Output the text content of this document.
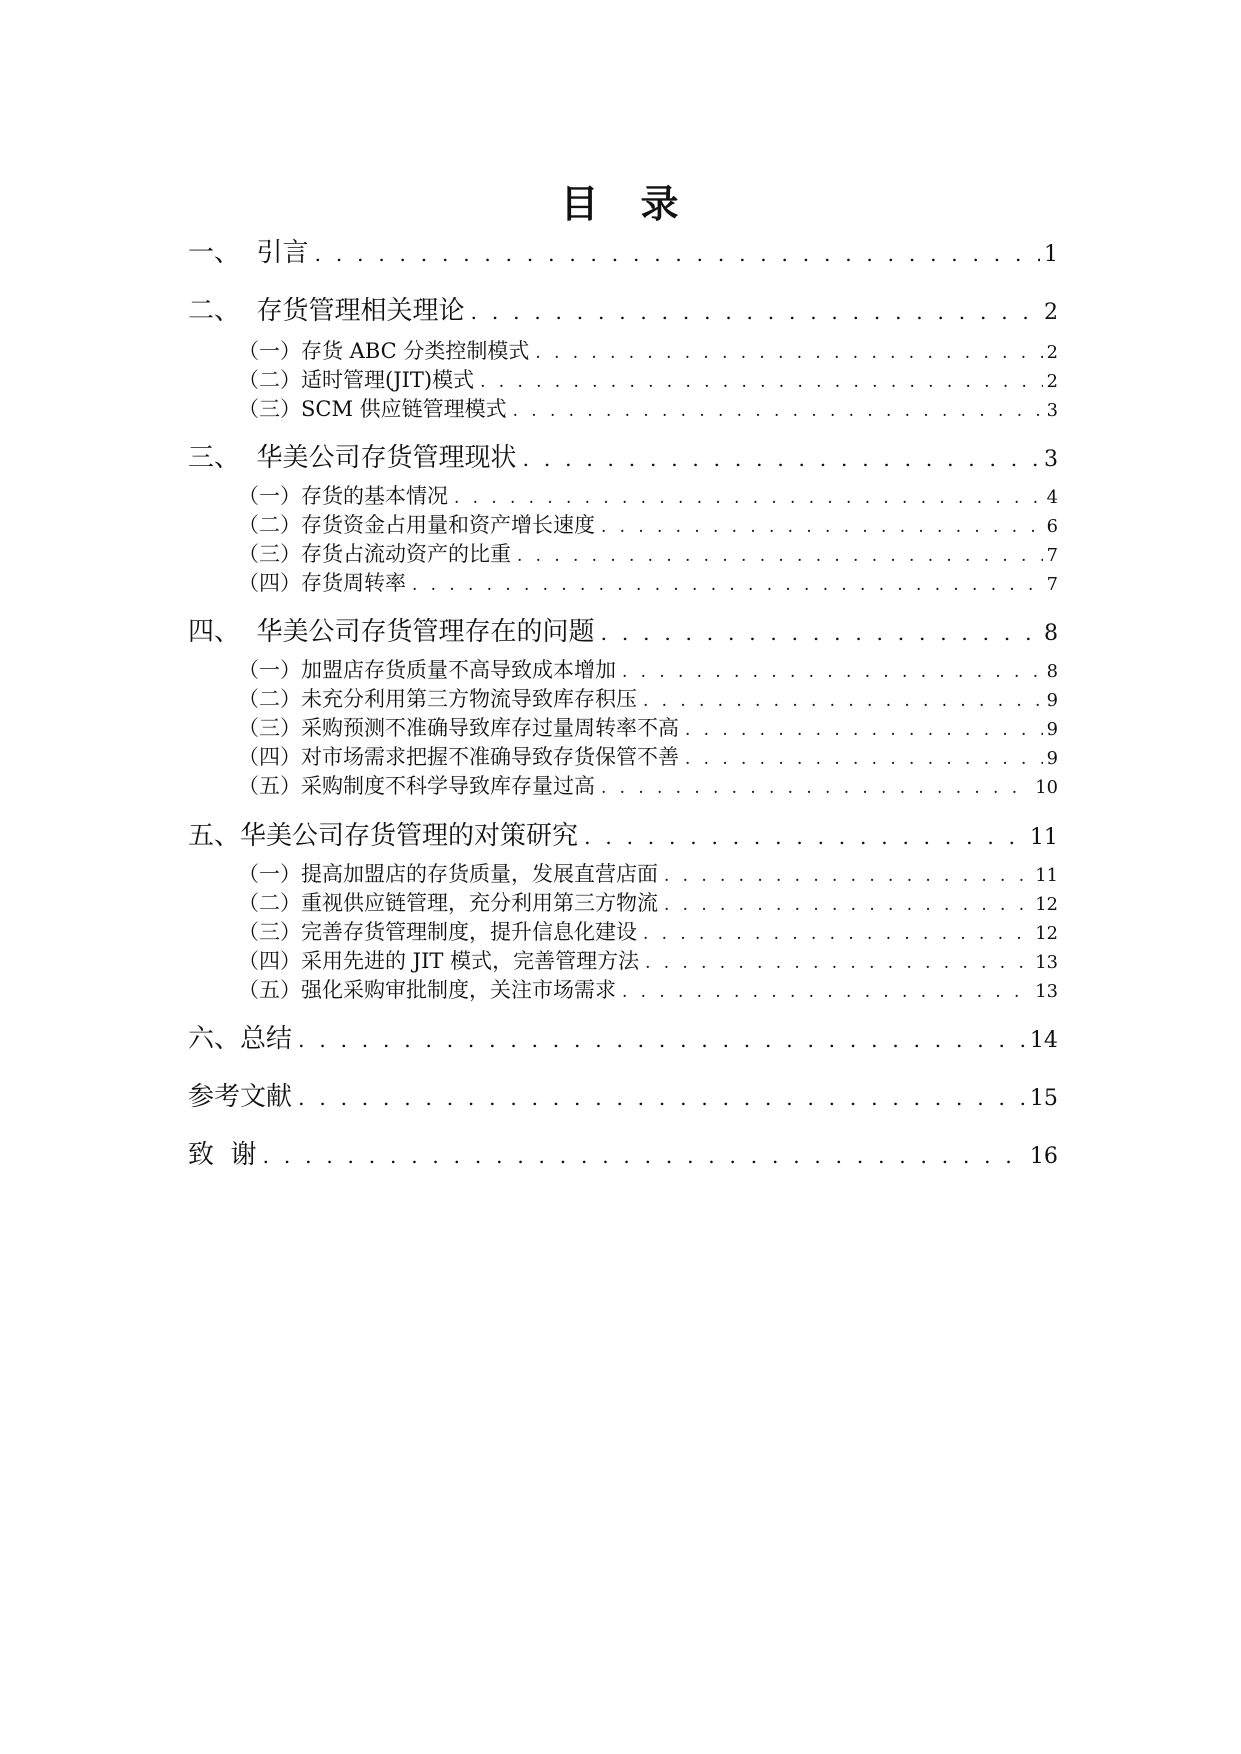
目 录
一、  引言 . . .	1
二、  存货管理相关理论 . . .	2
（一）存货 ABC 分类控制模式 . . .	2
（二）适时管理(JIT)模式 . . .	2
（三）SCM 供应链管理模式 . . .	3
三、  华美公司存货管理现状 . . .	3
（一）存货的基本情况 . . .	4
（二）存货资金占用量和资产增长速度 . . .	6
（三）存货占流动资产的比重 . . .	7
（四）存货周转率 . . .	7
四、  华美公司存货管理存在的问题 . . .	8
（一）加盟店存货质量不高导致成本增加 . . .	8
（二）未充分利用第三方物流导致库存积压 . . .	9
（三）采购预测不准确导致库存过量周转率不高 . . .	9
（四）对市场需求把握不准确导致存货保管不善 . . .	9
（五）采购制度不科学导致库存量过高 . . .	10
五、华美公司存货管理的对策研究 . . .	11
（一）提高加盟店的存货质量，发展直营店面 . . .	11
（二）重视供应链管理，充分利用第三方物流 . . .	12
（三）完善存货管理制度，提升信息化建设 . . .	12
（四）采用先进的 JIT 模式，完善管理方法 . . .	13
（五）强化采购审批制度，关注市场需求 . . .	13
六、总结 . . .	14
参考文献 . . .	15
致  谢 . . .	16
